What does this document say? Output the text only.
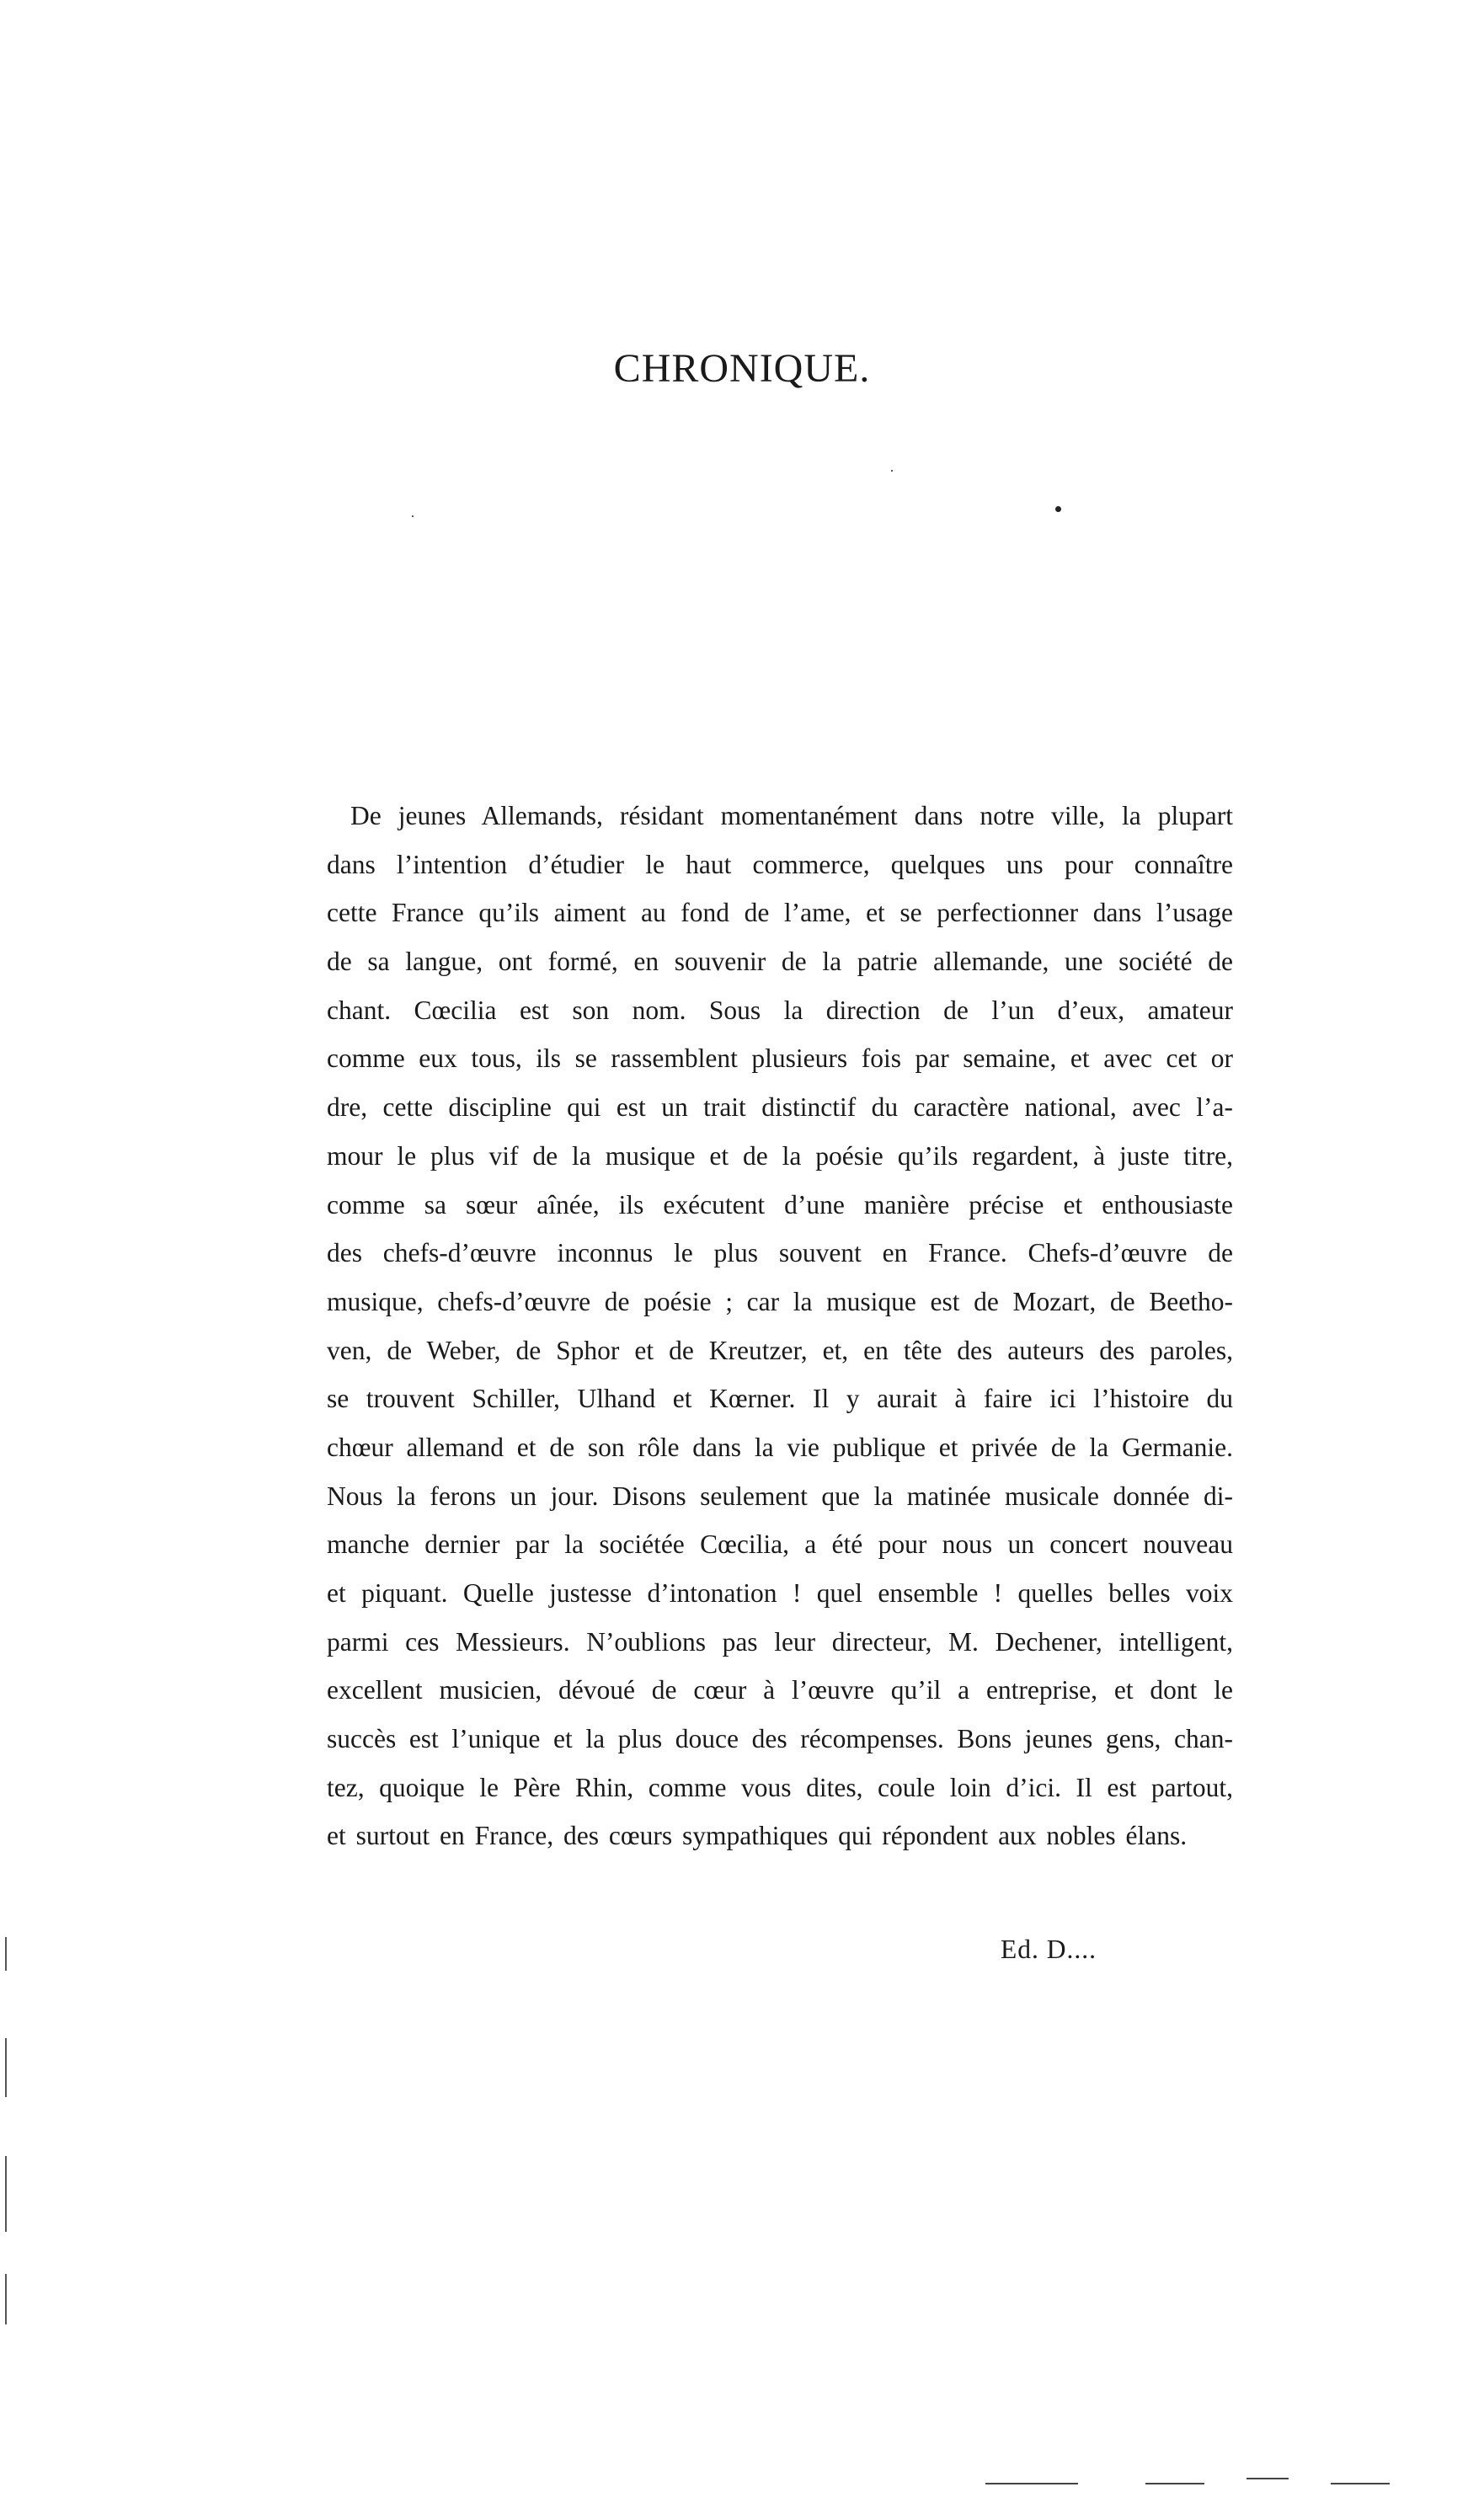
CHRONIQUE.
De jeunes Allemands, résidant momentanément dans notre ville, la plupart
dans l’intention d’étudier le haut commerce, quelques uns pour connaître
cette France qu’ils aiment au fond de l’ame, et se perfectionner dans l’usage
de sa langue, ont formé, en souvenir de la patrie allemande, une société de
chant. Cœcilia est son nom. Sous la direction de l’un d’eux, amateur
comme eux tous, ils se rassemblent plusieurs fois par semaine, et avec cet or
dre, cette discipline qui est un trait distinctif du caractère national, avec l’a-
mour le plus vif de la musique et de la poésie qu’ils regardent, à juste titre,
comme sa sœur aînée, ils exécutent d’une manière précise et enthousiaste
des chefs-d’œuvre inconnus le plus souvent en France. Chefs-d’œuvre de
musique, chefs-d’œuvre de poésie ; car la musique est de Mozart, de Beetho-
ven, de Weber, de Sphor et de Kreutzer, et, en tête des auteurs des paroles,
se trouvent Schiller, Ulhand et Kœrner. Il y aurait à faire ici l’histoire du
chœur allemand et de son rôle dans la vie publique et privée de la Germanie.
Nous la ferons un jour. Disons seulement que la matinée musicale donnée di-
manche dernier par la sociétée Cœcilia, a été pour nous un concert nouveau
et piquant. Quelle justesse d’intonation ! quel ensemble ! quelles belles voix
parmi ces Messieurs. N’oublions pas leur directeur, M. Dechener, intelligent,
excellent musicien, dévoué de cœur à l’œuvre qu’il a entreprise, et dont le
succès est l’unique et la plus douce des récompenses. Bons jeunes gens, chan-
tez, quoique le Père Rhin, comme vous dites, coule loin d’ici. Il est partout,
et surtout en France, des cœurs sympathiques qui répondent aux nobles élans.

Ed. D....
